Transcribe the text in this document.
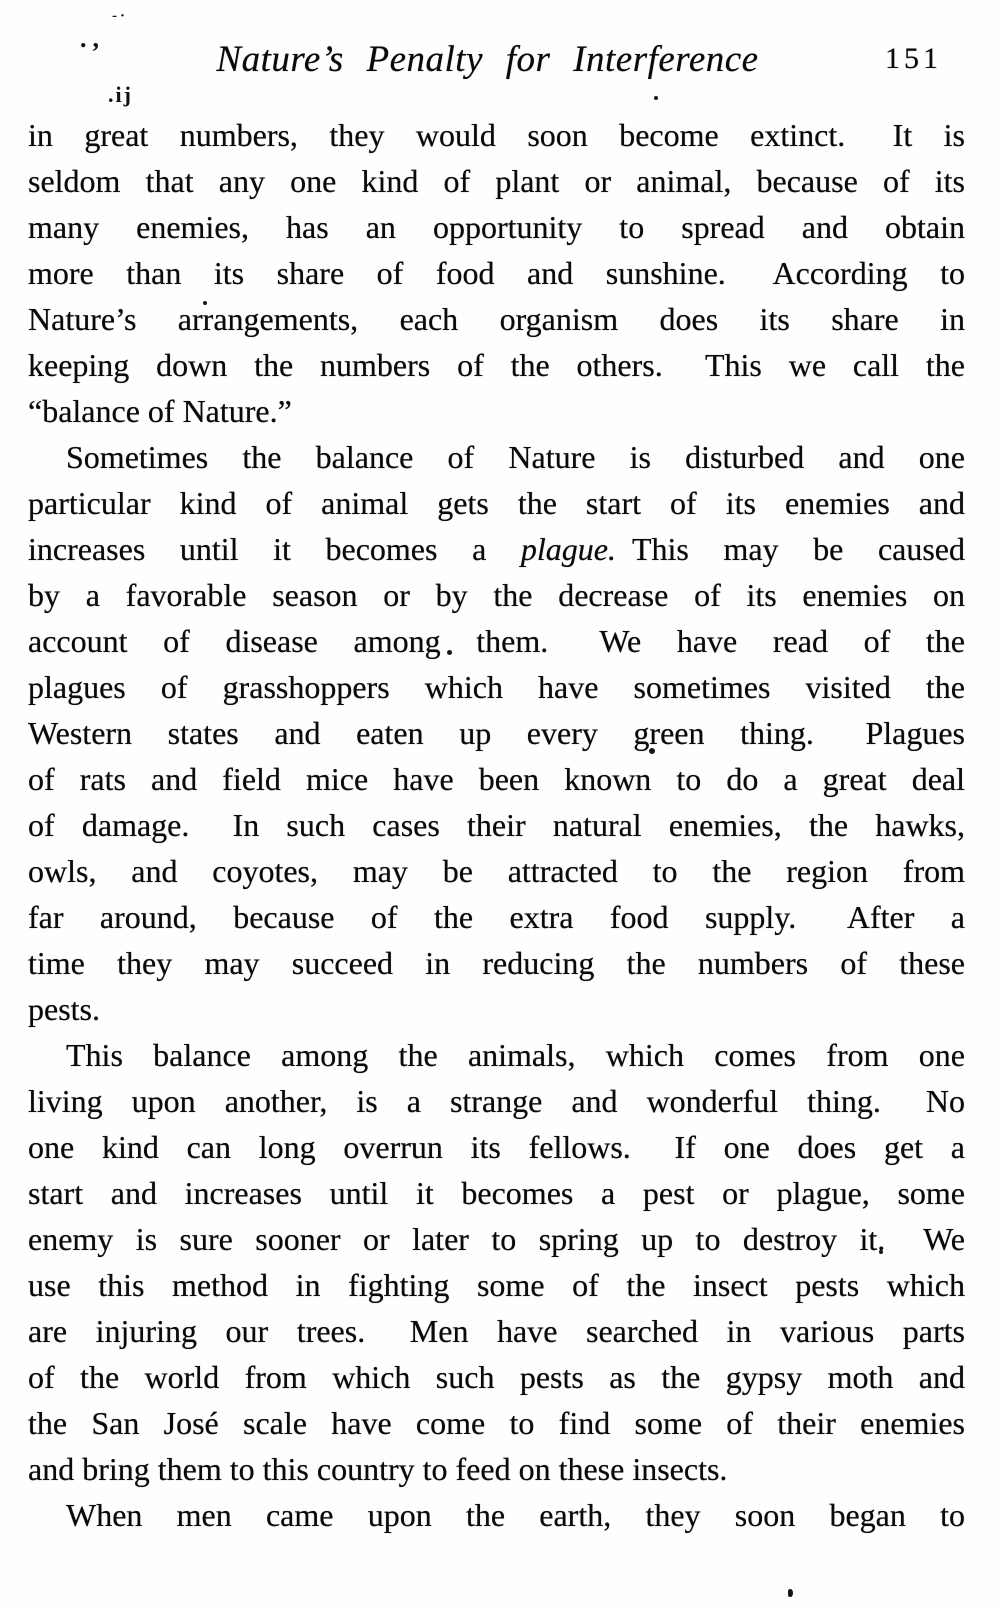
‐·
.,
.ij
Nature’s Penalty for Interference	151
in great numbers, they would soon become extinct.  It is
seldom that any one kind of plant or animal, because of its
many enemies, has an opportunity to spread and obtain
more than its share of food and sunshine.  According to
Nature’s arrangements, each organism does its share in
keeping down the numbers of the others.  This we call the
“balance of Nature.”
Sometimes the balance of Nature is disturbed and one
particular kind of animal gets the start of its enemies and
increases until it becomes a plague. This may be caused
by a favorable season or by the decrease of its enemies on
account of disease among them.  We have read of the
plagues of grasshoppers which have sometimes visited the
Western states and eaten up every green thing.  Plagues
of rats and field mice have been known to do a great deal
of damage.  In such cases their natural enemies, the hawks,
owls, and coyotes, may be attracted to the region from
far around, because of the extra food supply.  After a
time they may succeed in reducing the numbers of these
pests.
This balance among the animals, which comes from one
living upon another, is a strange and wonderful thing.  No
one kind can long overrun its fellows.  If one does get a
start and increases until it becomes a pest or plague, some
enemy is sure sooner or later to spring up to destroy it.  We
use this method in fighting some of the insect pests which
are injuring our trees.  Men have searched in various parts
of the world from which such pests as the gypsy moth and
the San José scale have come to find some of their enemies
and bring them to this country to feed on these insects.
When men came upon the earth, they soon began to
